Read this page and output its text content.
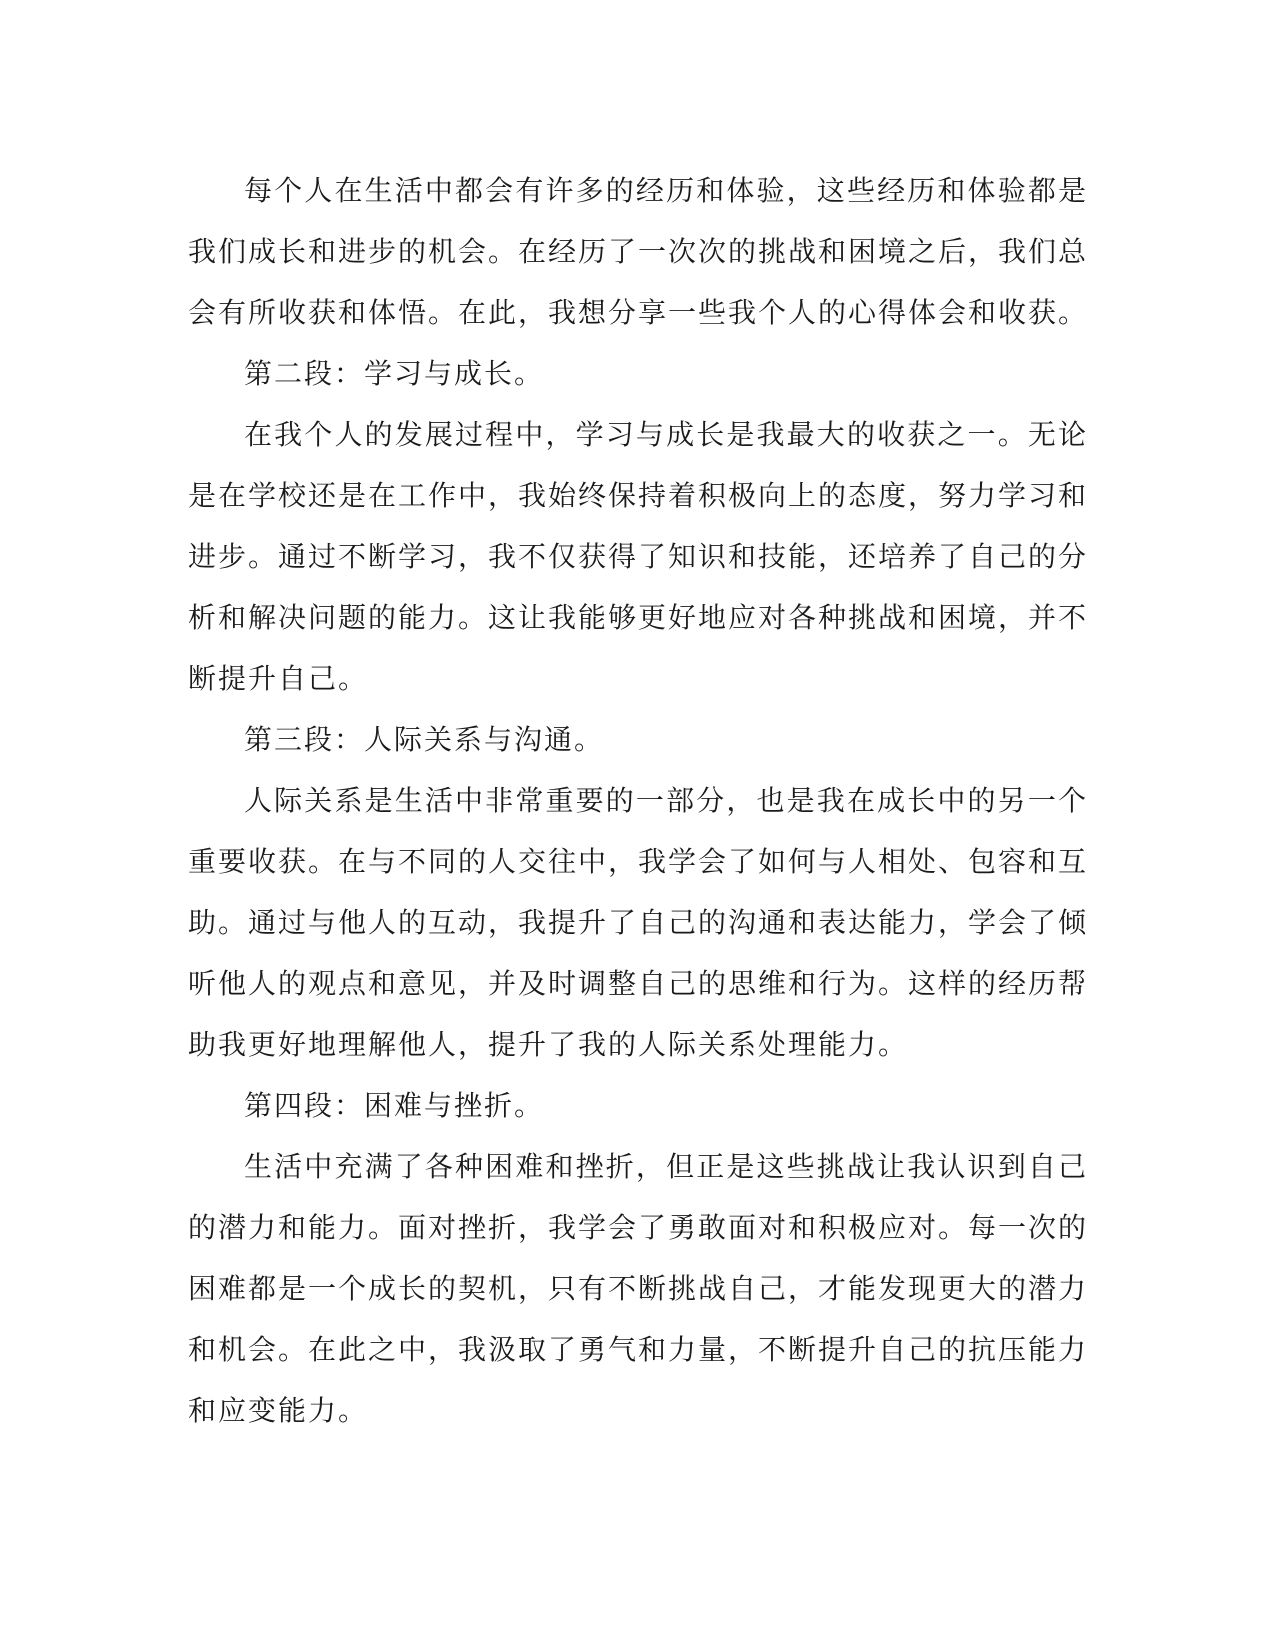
每个人在生活中都会有许多的经历和体验，这些经历和体验都是我们成长和进步的机会。在经历了一次次的挑战和困境之后，我们总会有所收获和体悟。在此，我想分享一些我个人的心得体会和收获。

第二段：学习与成长。

在我个人的发展过程中，学习与成长是我最大的收获之一。无论是在学校还是在工作中，我始终保持着积极向上的态度，努力学习和进步。通过不断学习，我不仅获得了知识和技能，还培养了自己的分析和解决问题的能力。这让我能够更好地应对各种挑战和困境，并不断提升自己。

第三段：人际关系与沟通。

人际关系是生活中非常重要的一部分，也是我在成长中的另一个重要收获。在与不同的人交往中，我学会了如何与人相处、包容和互助。通过与他人的互动，我提升了自己的沟通和表达能力，学会了倾听他人的观点和意见，并及时调整自己的思维和行为。这样的经历帮助我更好地理解他人，提升了我的人际关系处理能力。

第四段：困难与挫折。

生活中充满了各种困难和挫折，但正是这些挑战让我认识到自己的潜力和能力。面对挫折，我学会了勇敢面对和积极应对。每一次的困难都是一个成长的契机，只有不断挑战自己，才能发现更大的潜力和机会。在此之中，我汲取了勇气和力量，不断提升自己的抗压能力和应变能力。
